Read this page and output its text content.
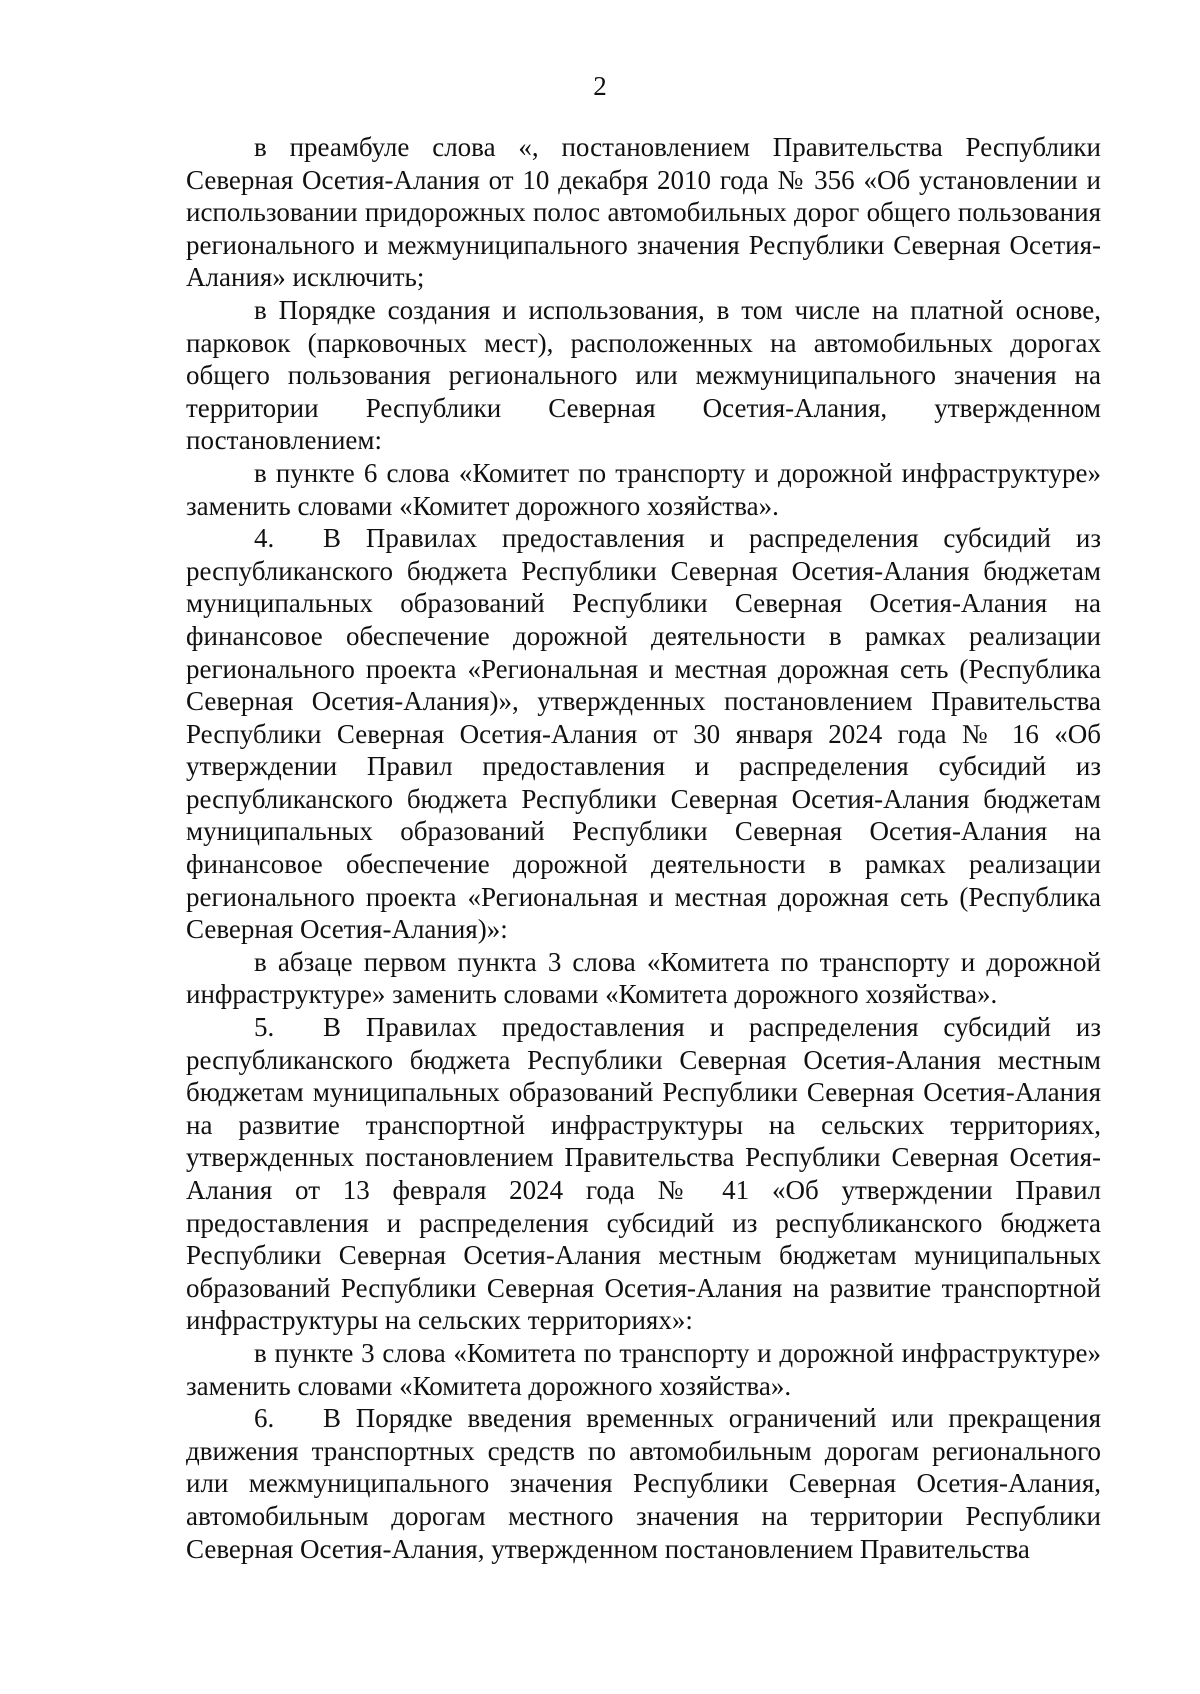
2

в преамбуле слова «, постановлением Правительства Республики Северная Осетия-Алания от 10 декабря 2010 года № 356 «Об установлении и использовании придорожных полос автомобильных дорог общего пользования регионального и межмуниципального значения Республики Северная Осетия-Алания» исключить;

в Порядке создания и использования, в том числе на платной основе, парковок (парковочных мест), расположенных на автомобильных дорогах общего пользования регионального или межмуниципального значения на территории Республики Северная Осетия-Алания, утвержденном постановлением:

в пункте 6 слова «Комитет по транспорту и дорожной инфраструктуре» заменить словами «Комитет дорожного хозяйства».

4. В Правилах предоставления и распределения субсидий из республиканского бюджета Республики Северная Осетия-Алания бюджетам муниципальных образований Республики Северная Осетия-Алания на финансовое обеспечение дорожной деятельности в рамках реализации регионального проекта «Региональная и местная дорожная сеть (Республика Северная Осетия-Алания)», утвержденных постановлением Правительства Республики Северная Осетия-Алания от 30 января 2024 года № 16 «Об утверждении Правил предоставления и распределения субсидий из республиканского бюджета Республики Северная Осетия-Алания бюджетам муниципальных образований Республики Северная Осетия-Алания на финансовое обеспечение дорожной деятельности в рамках реализации регионального проекта «Региональная и местная дорожная сеть (Республика Северная Осетия-Алания)»:

в абзаце первом пункта 3 слова «Комитета по транспорту и дорожной инфраструктуре» заменить словами «Комитета дорожного хозяйства».

5. В Правилах предоставления и распределения субсидий из республиканского бюджета Республики Северная Осетия-Алания местным бюджетам муниципальных образований Республики Северная Осетия-Алания на развитие транспортной инфраструктуры на сельских территориях, утвержденных постановлением Правительства Республики Северная Осетия-Алания от 13 февраля 2024 года № 41 «Об утверждении Правил предоставления и распределения субсидий из республиканского бюджета Республики Северная Осетия-Алания местным бюджетам муниципальных образований Республики Северная Осетия-Алания на развитие транспортной инфраструктуры на сельских территориях»:

в пункте 3 слова «Комитета по транспорту и дорожной инфраструктуре» заменить словами «Комитета дорожного хозяйства».

6. В Порядке введения временных ограничений или прекращения движения транспортных средств по автомобильным дорогам регионального или межмуниципального значения Республики Северная Осетия-Алания, автомобильным дорогам местного значения на территории Республики Северная Осетия-Алания, утвержденном постановлением Правительства
